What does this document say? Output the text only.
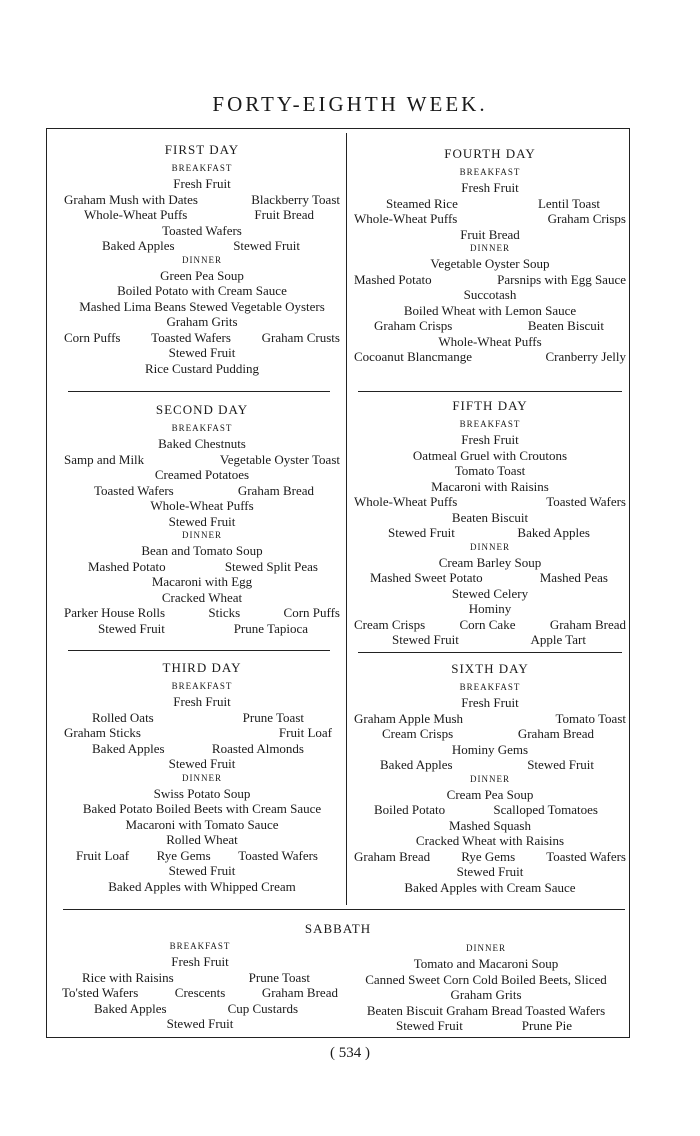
FORTY-EIGHTH WEEK.
FIRST DAY
BREAKFAST
Fresh Fruit
Graham Mush with Dates	Blackberry Toast
Whole-Wheat Puffs	Fruit Bread
Toasted Wafers
Baked Apples	Stewed Fruit
DINNER
Green Pea Soup
Boiled Potato with Cream Sauce
Mashed Lima Beans Stewed Vegetable Oysters
Graham Grits
Corn Puffs Toasted Wafers Graham Crusts
Stewed Fruit
Rice Custard Pudding
SECOND DAY
BREAKFAST
Baked Chestnuts
Samp and Milk	Vegetable Oyster Toast
Creamed Potatoes
Toasted Wafers	Graham Bread
Whole-Wheat Puffs
Stewed Fruit
DINNER
Bean and Tomato Soup
Mashed Potato	Stewed Split Peas
Macaroni with Egg
Cracked Wheat
Parker House Rolls	Sticks	Corn Puffs
Stewed Fruit	Prune Tapioca
THIRD DAY
BREAKFAST
Fresh Fruit
Rolled Oats	Prune Toast
Graham Sticks	Fruit Loaf
Baked Apples	Roasted Almonds
Stewed Fruit
DINNER
Swiss Potato Soup
Baked Potato Boiled Beets with Cream Sauce
Macaroni with Tomato Sauce
Rolled Wheat
Fruit Loaf Rye Gems Toasted Wafers
Stewed Fruit
Baked Apples with Whipped Cream
FOURTH DAY
BREAKFAST
Fresh Fruit
Steamed Rice	Lentil Toast
Whole-Wheat Puffs	Graham Crisps
Fruit Bread
DINNER
Vegetable Oyster Soup
Mashed Potato	Parsnips with Egg Sauce
Succotash
Boiled Wheat with Lemon Sauce
Graham Crisps	Beaten Biscuit
Whole-Wheat Puffs
Cocoanut Blancmange	Cranberry Jelly
FIFTH DAY
BREAKFAST
Fresh Fruit
Oatmeal Gruel with Croutons
Tomato Toast
Macaroni with Raisins
Whole-Wheat Puffs	Toasted Wafers
Beaten Biscuit
Stewed Fruit	Baked Apples
DINNER
Cream Barley Soup
Mashed Sweet Potato	Mashed Peas
Stewed Celery
Hominy
Cream Crisps	Corn Cake	Graham Bread
Stewed Fruit	Apple Tart
SIXTH DAY
BREAKFAST
Fresh Fruit
Graham Apple Mush	Tomato Toast
Cream Crisps	Graham Bread
Hominy Gems
Baked Apples	Stewed Fruit
DINNER
Cream Pea Soup
Boiled Potato	Scalloped Tomatoes
Mashed Squash
Cracked Wheat with Raisins
Graham Bread Rye Gems Toasted Wafers
Stewed Fruit
Baked Apples with Cream Sauce
SABBATH
BREAKFAST
Fresh Fruit
Rice with Raisins	Prune Toast
To'sted Wafers	Crescents	Graham Bread
Baked Apples	Cup Custards
Stewed Fruit
DINNER
Tomato and Macaroni Soup
Canned Sweet Corn Cold Boiled Beets, Sliced
Graham Grits
Beaten Biscuit Graham Bread Toasted Wafers
Stewed Fruit	Prune Pie
( 534 )
